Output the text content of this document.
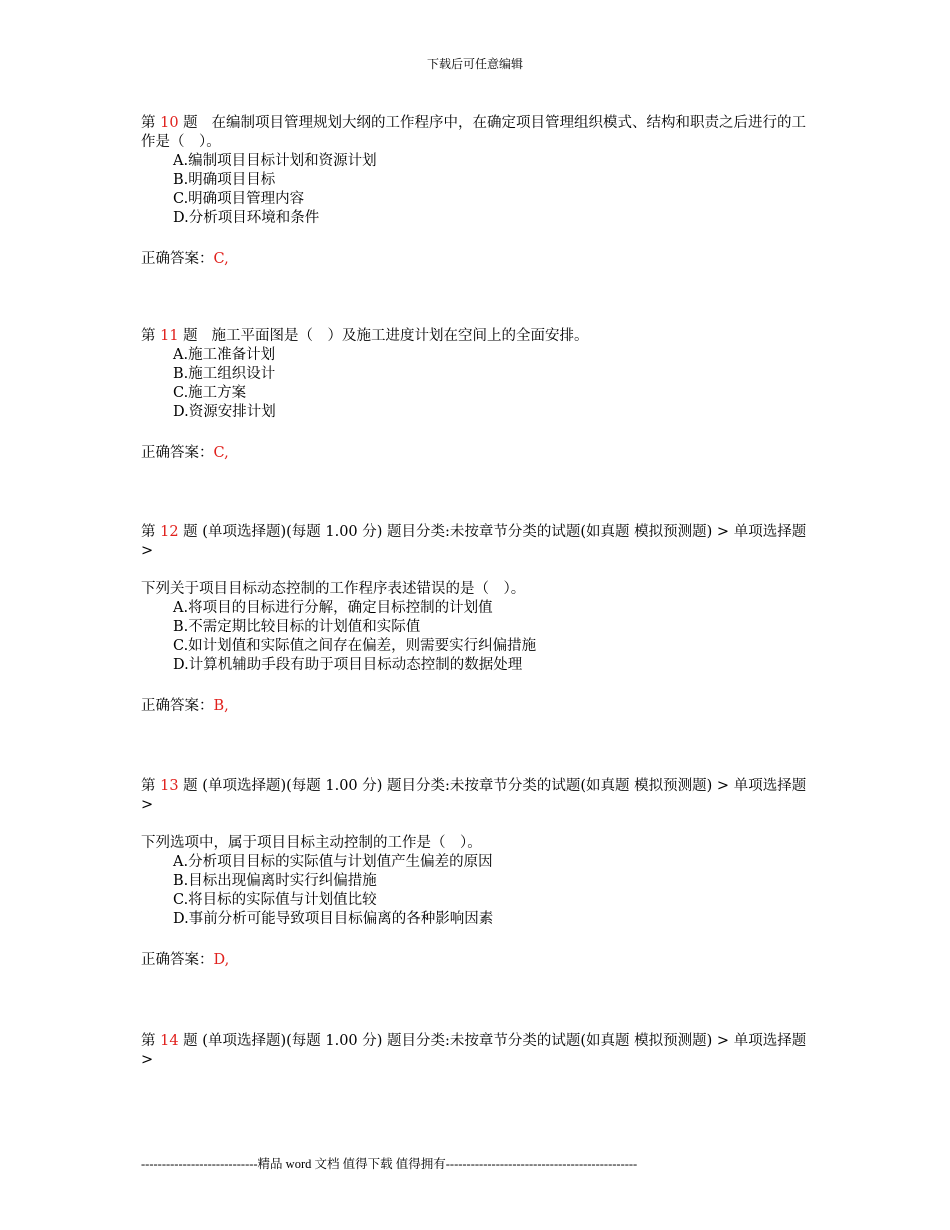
下载后可任意编辑

第 10 题 在编制项目管理规划大纲的工作程序中，在确定项目管理组织模式、结构和职责之后进行的工作是（　）。

A.编制项目目标计划和资源计划
B.明确项目目标
C.明确项目管理内容
D.分析项目环境和条件

正确答案：C,

第 11 题 施工平面图是（　）及施工进度计划在空间上的全面安排。

A.施工准备计划
B.施工组织设计
C.施工方案
D.资源安排计划

正确答案：C,

第 12 题 (单项选择题)(每题 1.00 分) 题目分类:未按章节分类的试题(如真题 模拟预测题) > 单项选择题 >

下列关于项目目标动态控制的工作程序表述错误的是（　）。

A.将项目的目标进行分解，确定目标控制的计划值
B.不需定期比较目标的计划值和实际值
C.如计划值和实际值之间存在偏差，则需要实行纠偏措施
D.计算机辅助手段有助于项目目标动态控制的数据处理

正确答案：B,

第 13 题 (单项选择题)(每题 1.00 分) 题目分类:未按章节分类的试题(如真题 模拟预测题) > 单项选择题 >

下列选项中，属于项目目标主动控制的工作是（　）。

A.分析项目目标的实际值与计划值产生偏差的原因
B.目标出现偏离时实行纠偏措施
C.将目标的实际值与计划值比较
D.事前分析可能导致项目目标偏离的各种影响因素

正确答案：D,

第 14 题 (单项选择题)(每题 1.00 分) 题目分类:未按章节分类的试题(如真题 模拟预测题) > 单项选择题 >

----------------------------精品 word 文档 值得下载 值得拥有----------------------------------------------
